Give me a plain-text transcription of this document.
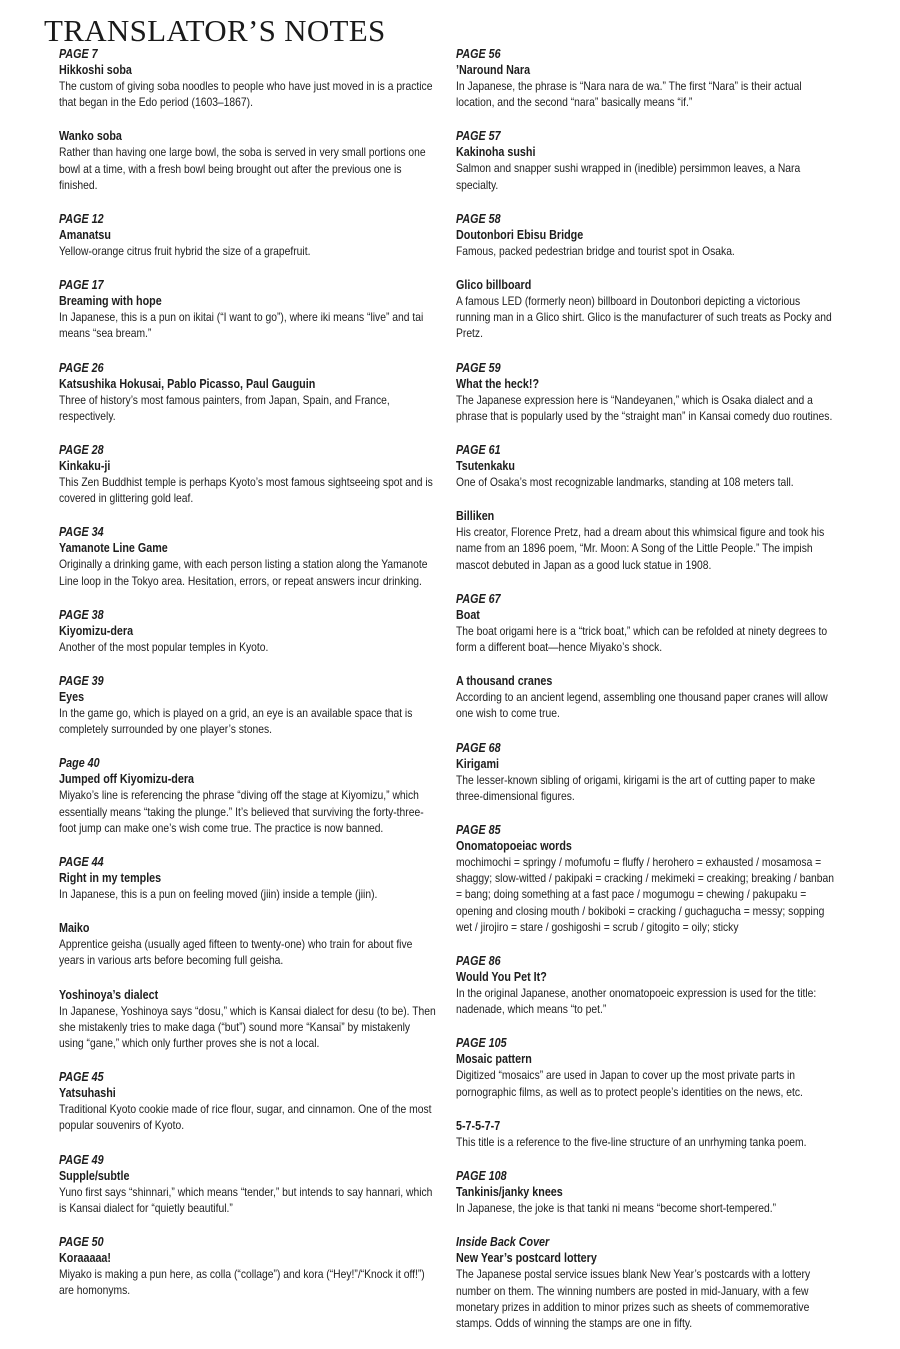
TRANSLATOR’S NOTES
PAGE 7
Hikkoshi soba
The custom of giving soba noodles to people who have just moved in is a practice that began in the Edo period (1603–1867).
Wanko soba
Rather than having one large bowl, the soba is served in very small portions one bowl at a time, with a fresh bowl being brought out after the previous one is finished.
PAGE 12
Amanatsu
Yellow-orange citrus fruit hybrid the size of a grapefruit.
PAGE 17
Breaming with hope
In Japanese, this is a pun on ikitai (“I want to go”), where iki means “live” and tai means “sea bream.”
PAGE 26
Katsushika Hokusai, Pablo Picasso, Paul Gauguin
Three of history’s most famous painters, from Japan, Spain, and France, respectively.
PAGE 28
Kinkaku-ji
This Zen Buddhist temple is perhaps Kyoto’s most famous sightseeing spot and is covered in glittering gold leaf.
PAGE 34
Yamanote Line Game
Originally a drinking game, with each person listing a station along the Yamanote Line loop in the Tokyo area. Hesitation, errors, or repeat answers incur drinking.
PAGE 38
Kiyomizu-dera
Another of the most popular temples in Kyoto.
PAGE 39
Eyes
In the game go, which is played on a grid, an eye is an available space that is completely surrounded by one player’s stones.
Page 40
Jumped off Kiyomizu-dera
Miyako’s line is referencing the phrase “diving off the stage at Kiyomizu,” which essentially means “taking the plunge.” It’s believed that surviving the forty-three-foot jump can make one’s wish come true. The practice is now banned.
PAGE 44
Right in my temples
In Japanese, this is a pun on feeling moved (jiin) inside a temple (jiin).
Maiko
Apprentice geisha (usually aged fifteen to twenty-one) who train for about five years in various arts before becoming full geisha.
Yoshinoya’s dialect
In Japanese, Yoshinoya says “dosu,” which is Kansai dialect for desu (to be). Then she mistakenly tries to make daga (“but”) sound more “Kansai” by mistakenly using “gane,” which only further proves she is not a local.
PAGE 45
Yatsuhashi
Traditional Kyoto cookie made of rice flour, sugar, and cinnamon. One of the most popular souvenirs of Kyoto.
PAGE 49
Supple/subtle
Yuno first says “shinnari,” which means “tender,” but intends to say hannari, which is Kansai dialect for “quietly beautiful.”
PAGE 50
Koraaaaa!
Miyako is making a pun here, as colla (“collage”) and kora (“Hey!”/“Knock it off!”) are homonyms.
PAGE 56
’Naround Nara
In Japanese, the phrase is “Nara nara de wa.” The first “Nara” is their actual location, and the second “nara” basically means “if.”
PAGE 57
Kakinoha sushi
Salmon and snapper sushi wrapped in (inedible) persimmon leaves, a Nara specialty.
PAGE 58
Doutonbori Ebisu Bridge
Famous, packed pedestrian bridge and tourist spot in Osaka.
Glico billboard
A famous LED (formerly neon) billboard in Doutonbori depicting a victorious running man in a Glico shirt. Glico is the manufacturer of such treats as Pocky and Pretz.
PAGE 59
What the heck!?
The Japanese expression here is “Nandeyanen,” which is Osaka dialect and a phrase that is popularly used by the “straight man” in Kansai comedy duo routines.
PAGE 61
Tsutenkaku
One of Osaka’s most recognizable landmarks, standing at 108 meters tall.
Billiken
His creator, Florence Pretz, had a dream about this whimsical figure and took his name from an 1896 poem, “Mr. Moon: A Song of the Little People.” The impish mascot debuted in Japan as a good luck statue in 1908.
PAGE 67
Boat
The boat origami here is a “trick boat,” which can be refolded at ninety degrees to form a different boat—hence Miyako’s shock.
A thousand cranes
According to an ancient legend, assembling one thousand paper cranes will allow one wish to come true.
PAGE 68
Kirigami
The lesser-known sibling of origami, kirigami is the art of cutting paper to make three-dimensional figures.
PAGE 85
Onomatopoeiac words
mochimochi = springy / mofumofu = fluffy / herohero = exhausted / mosamosa = shaggy; slow-witted / pakipaki = cracking / mekimeki = creaking; breaking / banban = bang; doing something at a fast pace / mogumogu = chewing / pakupaku = opening and closing mouth / bokiboki = cracking / guchagucha = messy; sopping wet / jirojiro = stare / goshigoshi = scrub / gitogito = oily; sticky
PAGE 86
Would You Pet It?
In the original Japanese, another onomatopoeic expression is used for the title: nadenade, which means “to pet.”
PAGE 105
Mosaic pattern
Digitized “mosaics” are used in Japan to cover up the most private parts in pornographic films, as well as to protect people’s identities on the news, etc.
5-7-5-7-7
This title is a reference to the five-line structure of an unrhyming tanka poem.
PAGE 108
Tankinis/janky knees
In Japanese, the joke is that tanki ni means “become short-tempered.”
Inside Back Cover
New Year’s postcard lottery
The Japanese postal service issues blank New Year’s postcards with a lottery number on them. The winning numbers are posted in mid-January, with a few monetary prizes in addition to minor prizes such as sheets of commemorative stamps. Odds of winning the stamps are one in fifty.
